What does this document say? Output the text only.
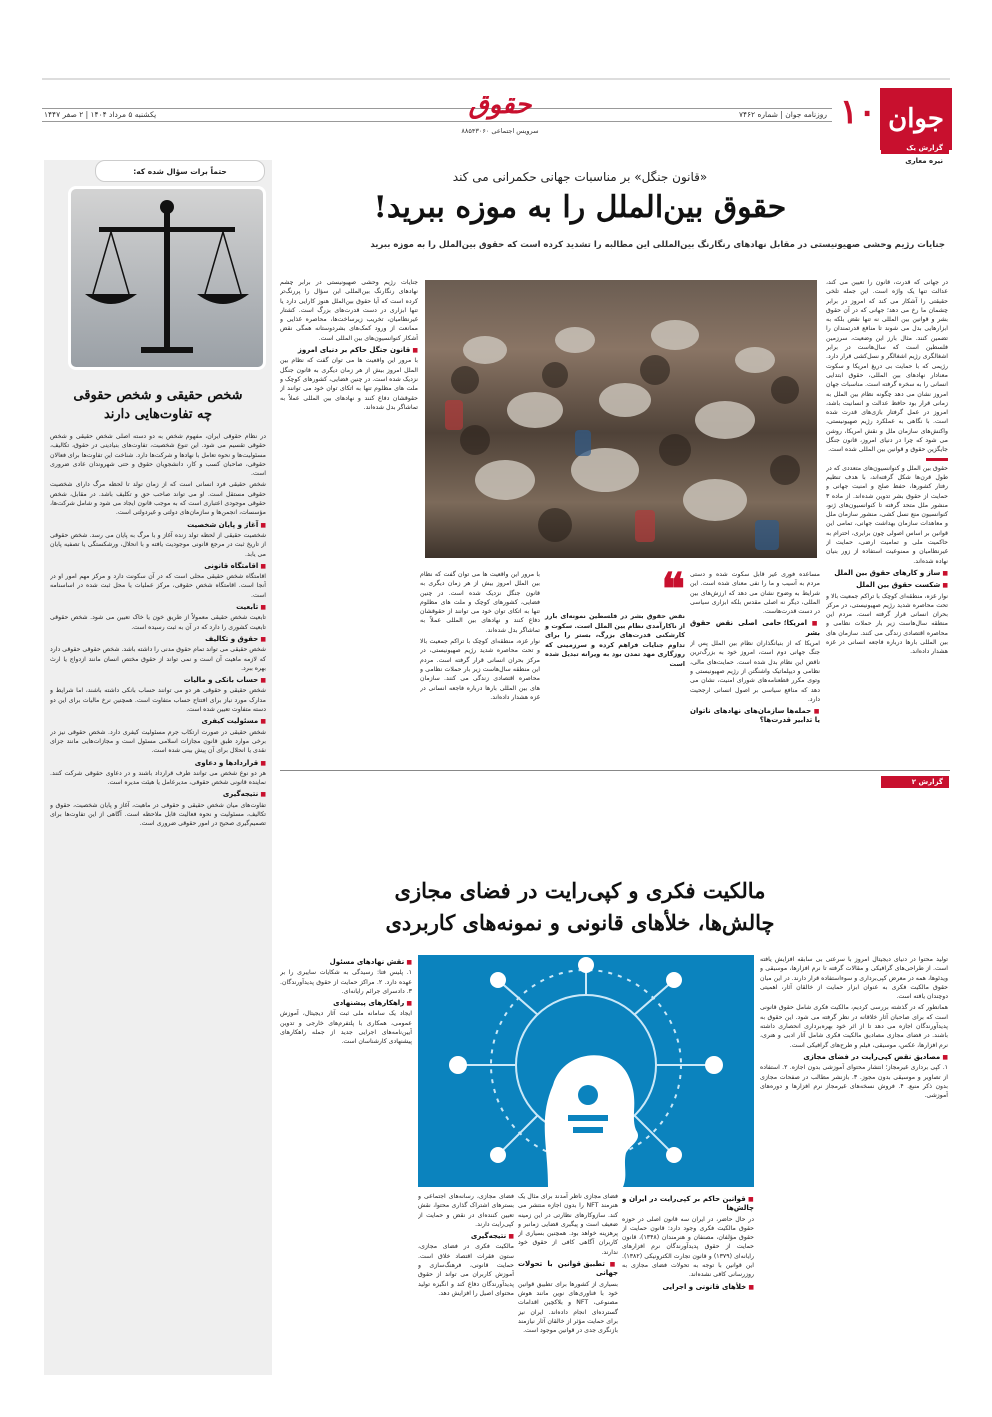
جوان
۱۰
روزنامه جوان | شماره ۷۴۶۲
یکشنبه ۵ مرداد ۱۴۰۴ | ۲ صفر ۱۴۴۷	حقوق
سرویس اجتماعی ۸۸۵۴۳۰۶۰
گزارش یک
نیره معاری
«قانون جنگل» بر مناسبات جهانی حکمرانی می کند
حقوق بین‌الملل را به موزه ببرید!
جنایات رژیم وحشی صهیونیستی در مقابل نهادهای رنگارنگ بین‌المللی این مطالبه را تشدید کرده است که حقوق بین‌الملل را به موزه ببرید

در جهانی که قدرت، قانون را تعیین می کند، عدالت تنها یک واژه است. این جمله تلخی حقیقتی را آشکار می کند که امروز در برابر چشمان ما رخ می دهد؛ جهانی که در آن حقوق بشر و قوانین بین المللی نه تنها نقض بلکه به ابزارهایی بدل می شوند تا منافع قدرتمندان را تضمین کنند. مثال بارز این وضعیت، سرزمین فلسطین است که سال‌هاست در برابر اشغالگری رژیم اشغالگر و نسل‌کشی قرار دارد. رژیمی که با حمایت بی دریغ امریکا و سکوت معنادار نهادهای بین المللی، حقوق ابتدایی انسانی را به سخره گرفته است. مناسبات جهان امروز نشان می دهد چگونه نظام بین الملل به زمانی قرار بود حافظ عدالت و انسانیت باشد، امروز در عمل گرفتار بازی‌های قدرت شده است. با نگاهی به عملکرد رژیم صهیونیستی، واکنش‌های سازمان ملل و نقش امریکا، روشن می شود که چرا در دنیای امروز، قانون جنگل جایگزین حقوق و قوانین بین المللی شده است.

حقوق بین الملل و کنوانسیون‌های متعددی که در طول قرن‌ها شکل گرفته‌اند، با هدف تنظیم رفتار کشورها، حفظ صلح و امنیت جهانی و حمایت از حقوق بشر تدوین شده‌اند. از ماده ۳ منشور ملل متحد گرفته تا کنوانسیون‌های ژنو، کنوانسیون منع نسل کشی، منشور سازمان ملل و معاهدات سازمان بهداشت جهانی، تمامی این قوانین بر اساس اصولی چون برابری، احترام به حاکمیت ملی و تمامیت ارضی، حمایت از غیرنظامیان و ممنوعیت استفاده از زور بنیان نهاده شده‌اند.

■ ساز و کارهای حقوق بین الملل
■ شکست حقوق بین الملل

نوار غزه، منطقه‌ای کوچک با تراکم جمعیت بالا و تحت محاصره شدید رژیم صهیونیستی، در مرکز بحران انسانی قرار گرفته است. مردم این منطقه سال‌هاست زیر بار حملات نظامی و محاصره اقتصادی زندگی می کنند. سازمان های بین المللی بارها درباره فاجعه انسانی در غزه هشدار داده‌اند.

جنایات رژیم وحشی صهیونیستی در برابر چشم نهادهای رنگارنگ بین‌المللی این سؤال را پررنگ‌تر کرده است که آیا حقوق بین‌الملل هنوز کارایی دارد یا تنها ابزاری در دست قدرت‌های بزرگ است. کشتار غیرنظامیان، تخریب زیرساخت‌ها، محاصره غذایی و ممانعت از ورود کمک‌های بشردوستانه همگی نقض آشکار کنوانسیون‌های بین المللی است.

■ قانون جنگل حاکم بر دنیای امروز

با مرور این واقعیت ها می توان گفت که نظام بین الملل امروز بیش از هر زمان دیگری به قانون جنگل نزدیک شده است. در چنین فضایی، کشورهای کوچک و ملت های مظلوم تنها به اتکای توان خود می توانند از حقوقشان دفاع کنند و نهادهای بین المللی عملاً به تماشاگر بدل شده‌اند.

❝
نقض حقوق بشر در فلسطین نمونه‌ای بارز از ناکارآمدی نظام بین الملل است. سکوت و کارشکنی قدرت‌های بزرگ، بستر را برای تداوم جنایات فراهم کرده و سرزمینی که روزگاری مهد تمدن بود به ویرانه تبدیل شده است

مساعده فوری غیر قابل سکوت شده و دستی مردم به آسیب و ما را نفی معنای شده است. این شرایط به وضوح نشان می دهد که ارزش‌های بین المللی، دیگر نه اصلی مقدس بلکه ابزاری سیاسی در دست قدرت‌هاست.

■ امریکا؛ حامی اصلی نقض حقوق بشر

امریکا که از بنیانگذاران نظام بین الملل پس از جنگ جهانی دوم است، امروز خود به بزرگ‌ترین ناقض این نظام بدل شده است. حمایت‌های مالی، نظامی و دیپلماتیک واشنگتن از رژیم صهیونیستی و وتوی مکرر قطعنامه‌های شورای امنیت، نشان می دهد که منافع سیاسی بر اصول انسانی ارجحیت دارد.

■ حمله‌ها سازمان‌های نهادهای ناتوان یا تدابیر قدرت‌ها؟

با مرور این واقعیت ها می توان گفت که نظام بین الملل امروز بیش از هر زمان دیگری به قانون جنگل نزدیک شده است. در چنین فضایی، کشورهای کوچک و ملت های مظلوم تنها به اتکای توان خود می توانند از حقوقشان دفاع کنند و نهادهای بین المللی عملاً به تماشاگر بدل شده‌اند.

نوار غزه، منطقه‌ای کوچک با تراکم جمعیت بالا و تحت محاصره شدید رژیم صهیونیستی، در مرکز بحران انسانی قرار گرفته است. مردم این منطقه سال‌هاست زیر بار حملات نظامی و محاصره اقتصادی زندگی می کنند. سازمان های بین المللی بارها درباره فاجعه انسانی در غزه هشدار داده‌اند.

گزارش ۲
مالکیت فکری و کپی‌رایت در فضای مجازی
چالش‌ها، خلأهای قانونی و نمونه‌های کاربردی

تولید محتوا در دنیای دیجیتال امروز با سرعتی بی سابقه افزایش یافته است. از طراحی‌های گرافیکی و مقالات گرفته تا نرم افزارها، موسیقی و ویدئوها، همه در معرض کپی‌برداری و سوءاستفاده قرار دارند. در این میان حقوق مالکیت فکری به عنوان ابزار حمایت از خالقان آثار، اهمیتی دوچندان یافته است.

همانطور که در گذشته بررسی کردیم، مالکیت فکری شامل حقوق قانونی است که برای صاحبان آثار خلاقانه در نظر گرفته می شود. این حقوق به پدیدآورندگان اجازه می دهد تا از اثر خود بهره‌برداری انحصاری داشته باشند. در فضای مجازی مصادیق مالکیت فکری شامل آثار ادبی و هنری، نرم افزارها، عکس، موسیقی، فیلم و طرح‌های گرافیکی است.

■ مصادیق نقض کپی‌رایت در فضای مجازی

۱. کپی برداری غیرمجاز؛ انتشار محتوای آموزشی بدون اجازه. ۲. استفاده از تصاویر و موسیقی بدون مجوز. ۳. بازنشر مطالب در صفحات مجازی بدون ذکر منبع. ۴. فروش نسخه‌های غیرمجاز نرم افزارها و دوره‌های آموزشی.

■ قوانین حاکم بر کپی‌رایت در ایران و چالش‌ها

در حال حاضر، در ایران سه قانون اصلی در حوزه حقوق مالکیت فکری وجود دارد: قانون حمایت از حقوق مؤلفان، مصنفان و هنرمندان (۱۳۴۸)، قانون حمایت از حقوق پدیدآورندگان نرم افزارهای رایانه‌ای (۱۳۷۹) و قانون تجارت الکترونیکی (۱۳۸۲). این قوانین با توجه به تحولات فضای مجازی به روزرسانی کافی نشده‌اند.

■ خلأهای قانونی و اجرایی

فضای مجازی ناظر آمدند برای مثال یک هنرمند NFT را بدون اجازه منتشر می کند. سازوکارهای نظارتی در این زمینه ضعیف است و پیگیری قضایی زمانبر و پرهزینه خواهد بود. همچنین بسیاری از کاربران آگاهی کافی از حقوق خود ندارند.

■ تطبیق قوانین با تحولات جهانی

بسیاری از کشورها برای تطبیق قوانین خود با فناوری‌های نوین مانند هوش مصنوعی، NFT و بلاکچین اقدامات گسترده‌ای انجام داده‌اند. ایران نیز برای حمایت مؤثر از خالقان آثار نیازمند بازنگری جدی در قوانین موجود است.

فضای مجازی، رسانه‌های اجتماعی و بسترهای اشتراک گذاری محتوا، نقش تعیین کننده‌ای در نقض و حمایت از کپی‌رایت دارند.

■ نتیجه‌گیری

مالکیت فکری در فضای مجازی، ستون فقرات اقتصاد خلاق است. حمایت قانونی، فرهنگ‌سازی و آموزش کاربران می تواند از حقوق پدیدآورندگان دفاع کند و انگیزه تولید محتوای اصیل را افزایش دهد.

■ نقش نهادهای مسئول

۱. پلیس فتا: رسیدگی به شکایات سایبری را بر عهده دارد. ۲. مراکز حمایت از حقوق پدیدآورندگان. ۳. دادسرای جرائم رایانه‌ای.

■ راهکارهای پیشنهادی

ایجاد یک سامانه ملی ثبت آثار دیجیتال، آموزش عمومی، همکاری با پلتفرم‌های خارجی و تدوین آیین‌نامه‌های اجرایی جدید از جمله راهکارهای پیشنهادی کارشناسان است.

حتماً برات سؤال شده که:
شخص حقیقی و شخص حقوقی
چه تفاوت‌هایی دارند

در نظام حقوقی ایران، مفهوم شخص به دو دسته اصلی شخص حقیقی و شخص حقوقی تقسیم می شود. این تنوع شخصیت، تفاوت‌های بنیادینی در حقوق، تکالیف، مسئولیت‌ها و نحوه تعامل با نهادها و شرکت‌ها دارد. شناخت این تفاوت‌ها برای فعالان حقوقی، صاحبان کسب و کار، دانشجویان حقوق و حتی شهروندان عادی ضروری است.

شخص حقیقی فرد انسانی است که از زمان تولد تا لحظه مرگ دارای شخصیت حقوقی مستقل است. او می تواند صاحب حق و تکلیف باشد. در مقابل، شخص حقوقی موجودی اعتباری است که به موجب قانون ایجاد می شود و شامل شرکت‌ها، مؤسسات، انجمن‌ها و سازمان‌های دولتی و غیردولتی است.

■ آغاز و پایان شخصیت

شخصیت حقیقی از لحظه تولد زنده آغاز و با مرگ به پایان می رسد. شخص حقوقی از تاریخ ثبت در مرجع قانونی موجودیت یافته و با انحلال، ورشکستگی یا تصفیه پایان می یابد.

■ اقامتگاه قانونی

اقامتگاه شخص حقیقی محلی است که در آن سکونت دارد و مرکز مهم امور او در آنجا است. اقامتگاه شخص حقوقی، مرکز عملیات یا محل ثبت شده در اساسنامه است.

■ تابعیت

تابعیت شخص حقیقی معمولاً از طریق خون یا خاک تعیین می شود. شخص حقوقی تابعیت کشوری را دارد که در آن به ثبت رسیده است.

■ حقوق و تکالیف

شخص حقیقی می تواند تمام حقوق مدنی را داشته باشد. شخص حقوقی حقوقی دارد که لازمه ماهیت آن است و نمی تواند از حقوق مختص انسان مانند ازدواج یا ارث بهره ببرد.

■ حساب بانکی و مالیات

شخص حقیقی و حقوقی هر دو می توانند حساب بانکی داشته باشند، اما شرایط و مدارک مورد نیاز برای افتتاح حساب متفاوت است. همچنین نرخ مالیات برای این دو دسته متفاوت تعیین شده است.

■ مسئولیت کیفری

شخص حقیقی در صورت ارتکاب جرم مسئولیت کیفری دارد. شخص حقوقی نیز در برخی موارد طبق قانون مجازات اسلامی مسئول است و مجازات‌هایی مانند جزای نقدی یا انحلال برای آن پیش بینی شده است.

■ قراردادها و دعاوی

هر دو نوع شخص می توانند طرف قرارداد باشند و در دعاوی حقوقی شرکت کنند. نماینده قانونی شخص حقوقی، مدیرعامل یا هیئت مدیره است.

■ نتیجه‌گیری

تفاوت‌های میان شخص حقیقی و حقوقی در ماهیت، آغاز و پایان شخصیت، حقوق و تکالیف، مسئولیت و نحوه فعالیت قابل ملاحظه است. آگاهی از این تفاوت‌ها برای تصمیم‌گیری صحیح در امور حقوقی ضروری است.
